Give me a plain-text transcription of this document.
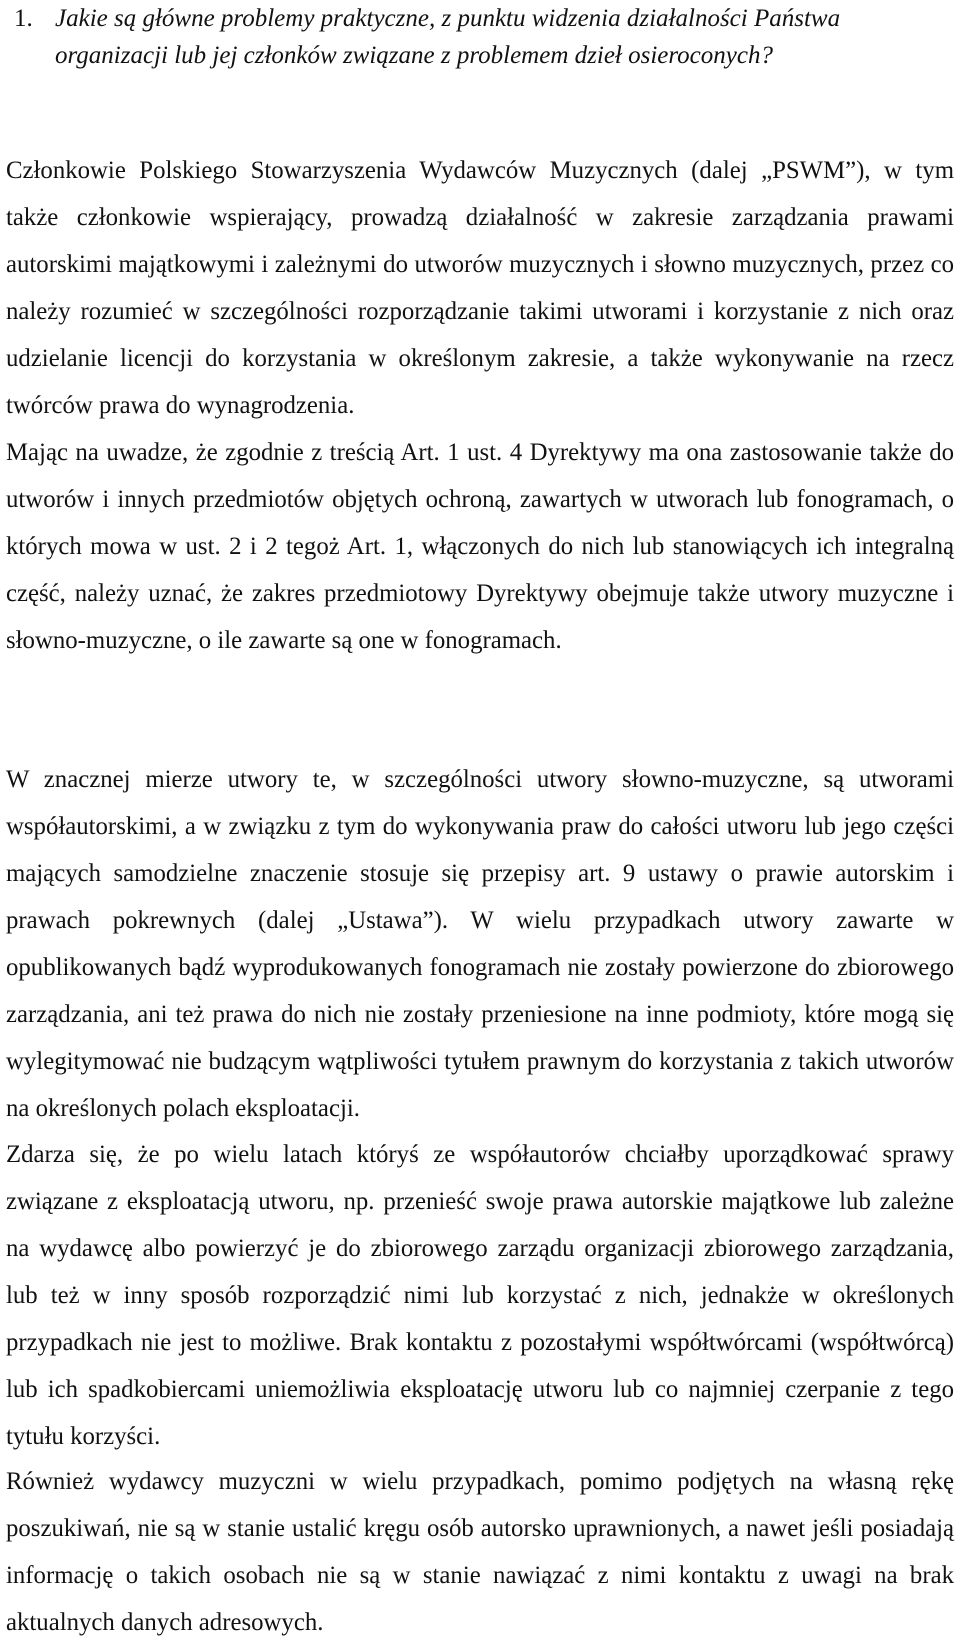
1. Jakie są główne problemy praktyczne, z punktu widzenia działalności Państwa organizacji lub jej członków związane z problemem dzieł osieroconych?

Członkowie Polskiego Stowarzyszenia Wydawców Muzycznych (dalej „PSWM”), w tym także członkowie wspierający, prowadzą działalność w zakresie zarządzania prawami autorskimi majątkowymi i zależnymi do utworów muzycznych i słowno muzycznych, przez co należy rozumieć w szczególności rozporządzanie takimi utworami i korzystanie z nich oraz udzielanie licencji do korzystania w określonym zakresie, a także wykonywanie na rzecz twórców prawa do wynagrodzenia.

Mając na uwadze, że zgodnie z treścią Art. 1 ust. 4 Dyrektywy ma ona zastosowanie także do utworów i innych przedmiotów objętych ochroną, zawartych w utworach lub fonogramach, o których mowa w ust. 2 i 2 tegoż Art. 1, włączonych do nich lub stanowiących ich integralną część, należy uznać, że zakres przedmiotowy Dyrektywy obejmuje także utwory muzyczne i słowno-muzyczne, o ile zawarte są one w fonogramach.

W znacznej mierze utwory te, w szczególności utwory słowno-muzyczne, są utworami współautorskimi, a w związku z tym do wykonywania praw do całości utworu lub jego części mających samodzielne znaczenie stosuje się przepisy art. 9 ustawy o prawie autorskim i prawach pokrewnych (dalej „Ustawa”). W wielu przypadkach utwory zawarte w opublikowanych bądź wyprodukowanych fonogramach nie zostały powierzone do zbiorowego zarządzania, ani też prawa do nich nie zostały przeniesione na inne podmioty, które mogą się wylegitymować nie budzącym wątpliwości tytułem prawnym do korzystania z takich utworów na określonych polach eksploatacji.

Zdarza się, że po wielu latach któryś ze współautorów chciałby uporządkować sprawy związane z eksploatacją utworu, np. przenieść swoje prawa autorskie majątkowe lub zależne na wydawcę albo powierzyć je do zbiorowego zarządu organizacji zbiorowego zarządzania, lub też w inny sposób rozporządzić nimi lub korzystać z nich, jednakże w określonych przypadkach nie jest to możliwe. Brak kontaktu z pozostałymi współtwórcami (współtwórcą) lub ich spadkobiercami uniemożliwia eksploatację utworu lub co najmniej czerpanie z tego tytułu korzyści.

Również wydawcy muzyczni w wielu przypadkach, pomimo podjętych na własną rękę poszukiwań, nie są w stanie ustalić kręgu osób autorsko uprawnionych, a nawet jeśli posiadają informację o takich osobach nie są w stanie nawiązać z nimi kontaktu z uwagi na brak aktualnych danych adresowych.
